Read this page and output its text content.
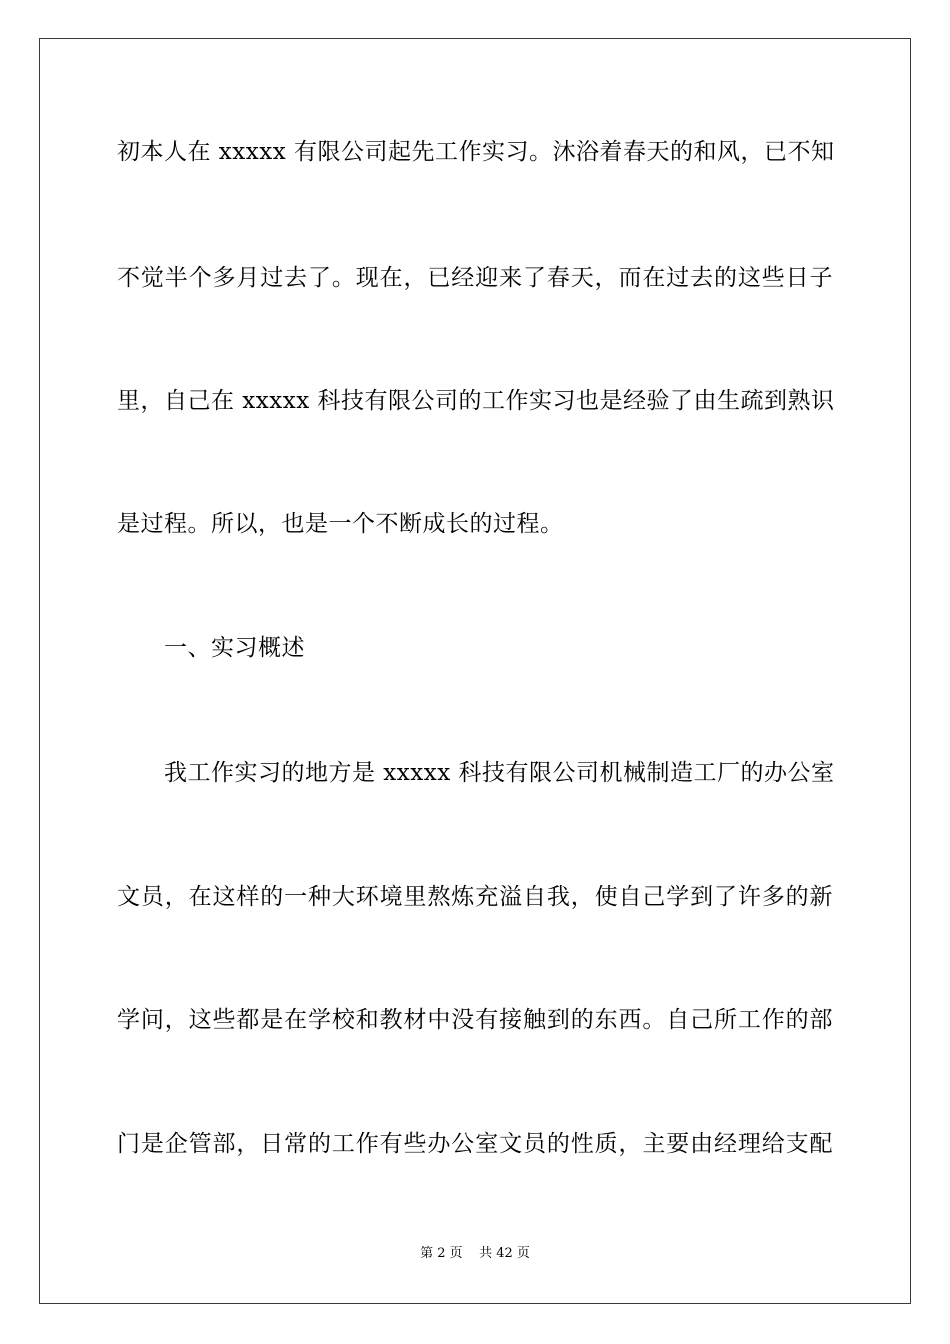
初本人在 xxxxx 有限公司起先工作实习。沐浴着春天的和风，已不知
不觉半个多月过去了。现在，已经迎来了春天，而在过去的这些日子
里，自己在 xxxxx 科技有限公司的工作实习也是经验了由生疏到熟识
是过程。所以，也是一个不断成长的过程。
一、实习概述
我工作实习的地方是 xxxxx 科技有限公司机械制造工厂的办公室
文员，在这样的一种大环境里熬炼充溢自我，使自己学到了许多的新
学问，这些都是在学校和教材中没有接触到的东西。自己所工作的部
门是企管部，日常的工作有些办公室文员的性质，主要由经理给支配
第 2 页    共 42 页
